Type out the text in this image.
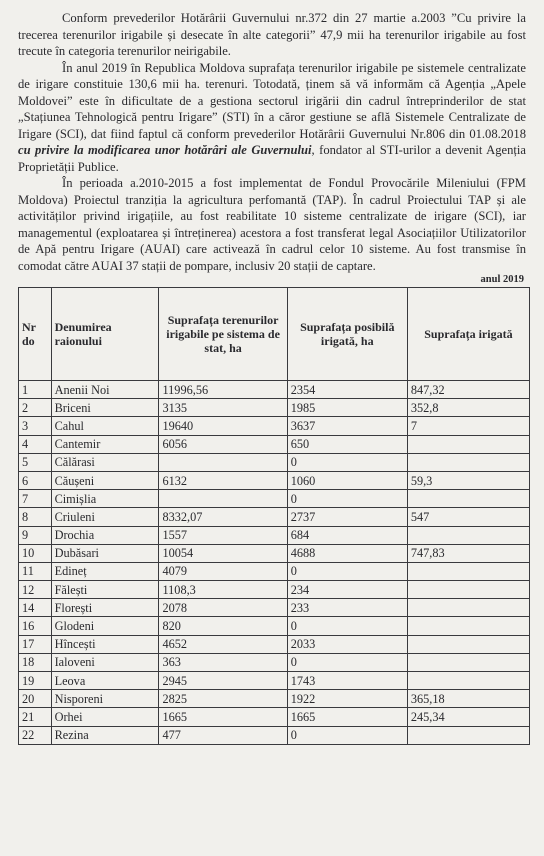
Conform prevederilor Hotărârii Guvernului nr.372 din 27 martie a.2003 ”Cu privire la trecerea terenurilor irigabile și desecate în alte categorii” 47,9 mii ha terenurilor irigabile au fost trecute în categoria terenurilor neirigabile.

În anul 2019 în Republica Moldova suprafața terenurilor irigabile pe sistemele centralizate de irigare constituie 130,6 mii ha. terenuri. Totodată, ținem să vă informăm că Agenția „Apele Moldovei” este în dificultate de a gestiona sectorul irigării din cadrul întreprinderilor de stat „Stațiunea Tehnologică pentru Irigare” (STI) în a căror gestiune se află Sistemele Centralizate de Irigare (SCI), dat fiind faptul că conform prevederilor Hotărârii Guvernului Nr.806 din 01.08.2018 cu privire la modificarea unor hotărâri ale Guvernului, fondator al STI-urilor a devenit Agenția Proprietății Publice.

În perioada a.2010-2015 a fost implementat de Fondul Provocările Mileniului (FPM Moldova) Proiectul tranziția la agricultura perfomantă (TAP). În cadrul Proiectului TAP și ale activităților privind irigațiile, au fost reabilitate 10 sisteme centralizate de irigare (SCI), iar managementul (exploatarea și întreținerea) acestora a fost transferat legal Asociațiilor Utilizatorilor de Apă pentru Irigare (AUAI) care activează în cadrul celor 10 sisteme. Au fost transmise în comodat către AUAI 37 stații de pompare, inclusiv 20 stații de captare.

anul 2019
Nr do	Denumirea raionului	Suprafața terenurilor irigabile pe sistema de stat, ha	Suprafața posibilă irigată, ha	Suprafața irigată
1	Anenii Noi	11996,56	2354	847,32
2	Briceni	3135	1985	352,8
3	Cahul	19640	3637	7
4	Cantemir	6056	650	
5	Călărasi		0	
6	Căușeni	6132	1060	59,3
7	Cimișlia		0	
8	Criuleni	8332,07	2737	547
9	Drochia	1557	684	
10	Dubăsari	10054	4688	747,83
11	Edineț	4079	0	
12	Fălești	1108,3	234	
14	Florești	2078	233	
16	Glodeni	820	0	
17	Hîncești	4652	2033	
18	Ialoveni	363	0	
19	Leova	2945	1743	
20	Nisporeni	2825	1922	365,18
21	Orhei	1665	1665	245,34
22	Rezina	477	0	
